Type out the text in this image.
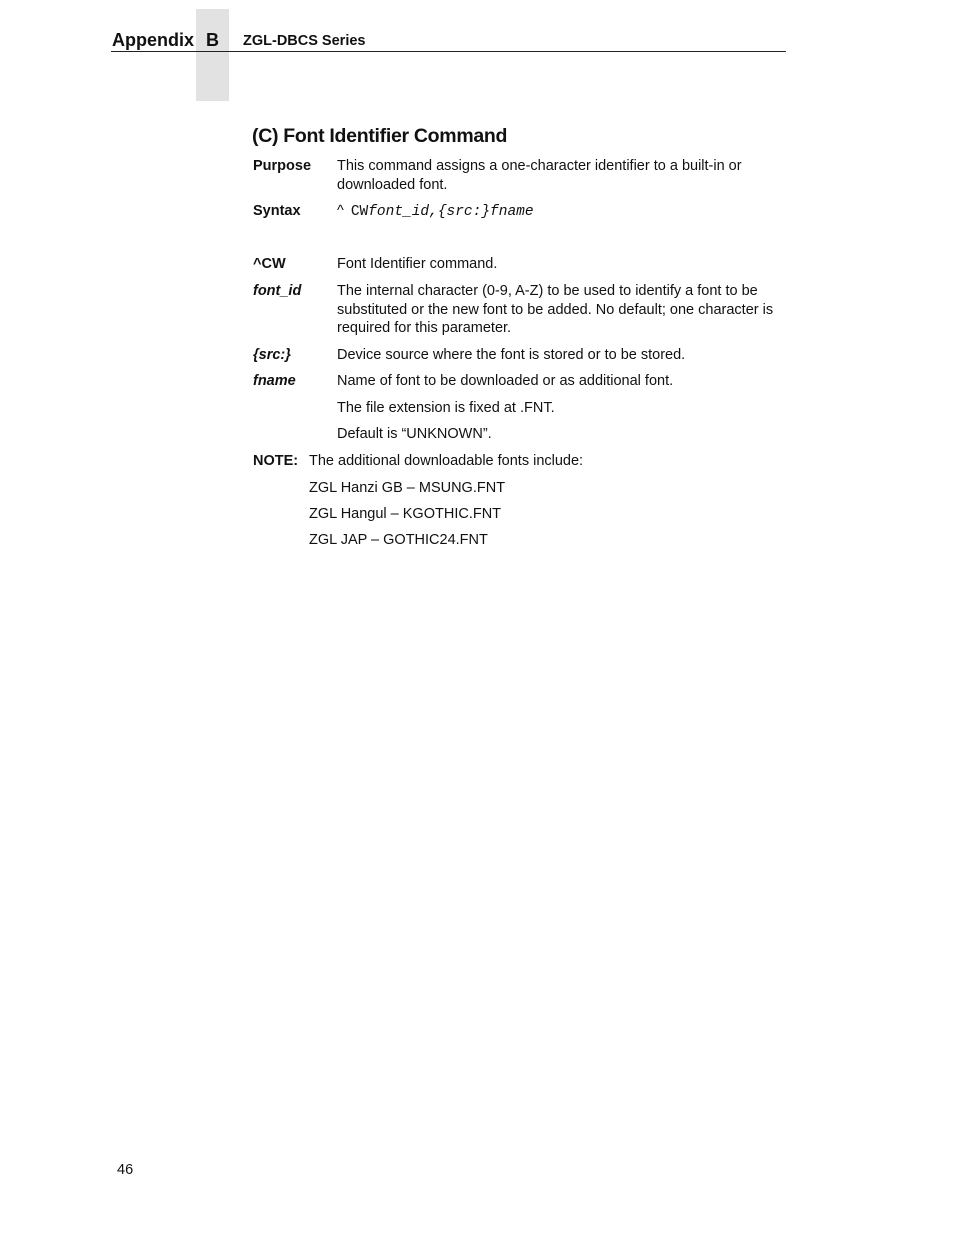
Appendix B ZGL-DBCS Series
(C) Font Identifier Command
Purpose This command assigns a one-character identifier to a built-in or downloaded font.
Syntax	^ CWfont_id,{src:}fname
^CW	Font Identifier command.
font_id The internal character (0-9, A-Z) to be used to identify a font to be substituted or the new font to be added. No default; one character is required for this parameter.
{src:}	Device source where the font is stored or to be stored.
fname	Name of font to be downloaded or as additional font.
The file extension is fixed at .FNT.
Default is “UNKNOWN”.
NOTE: The additional downloadable fonts include:
ZGL Hanzi GB – MSUNG.FNT
ZGL Hangul – KGOTHIC.FNT
ZGL JAP – GOTHIC24.FNT
46
